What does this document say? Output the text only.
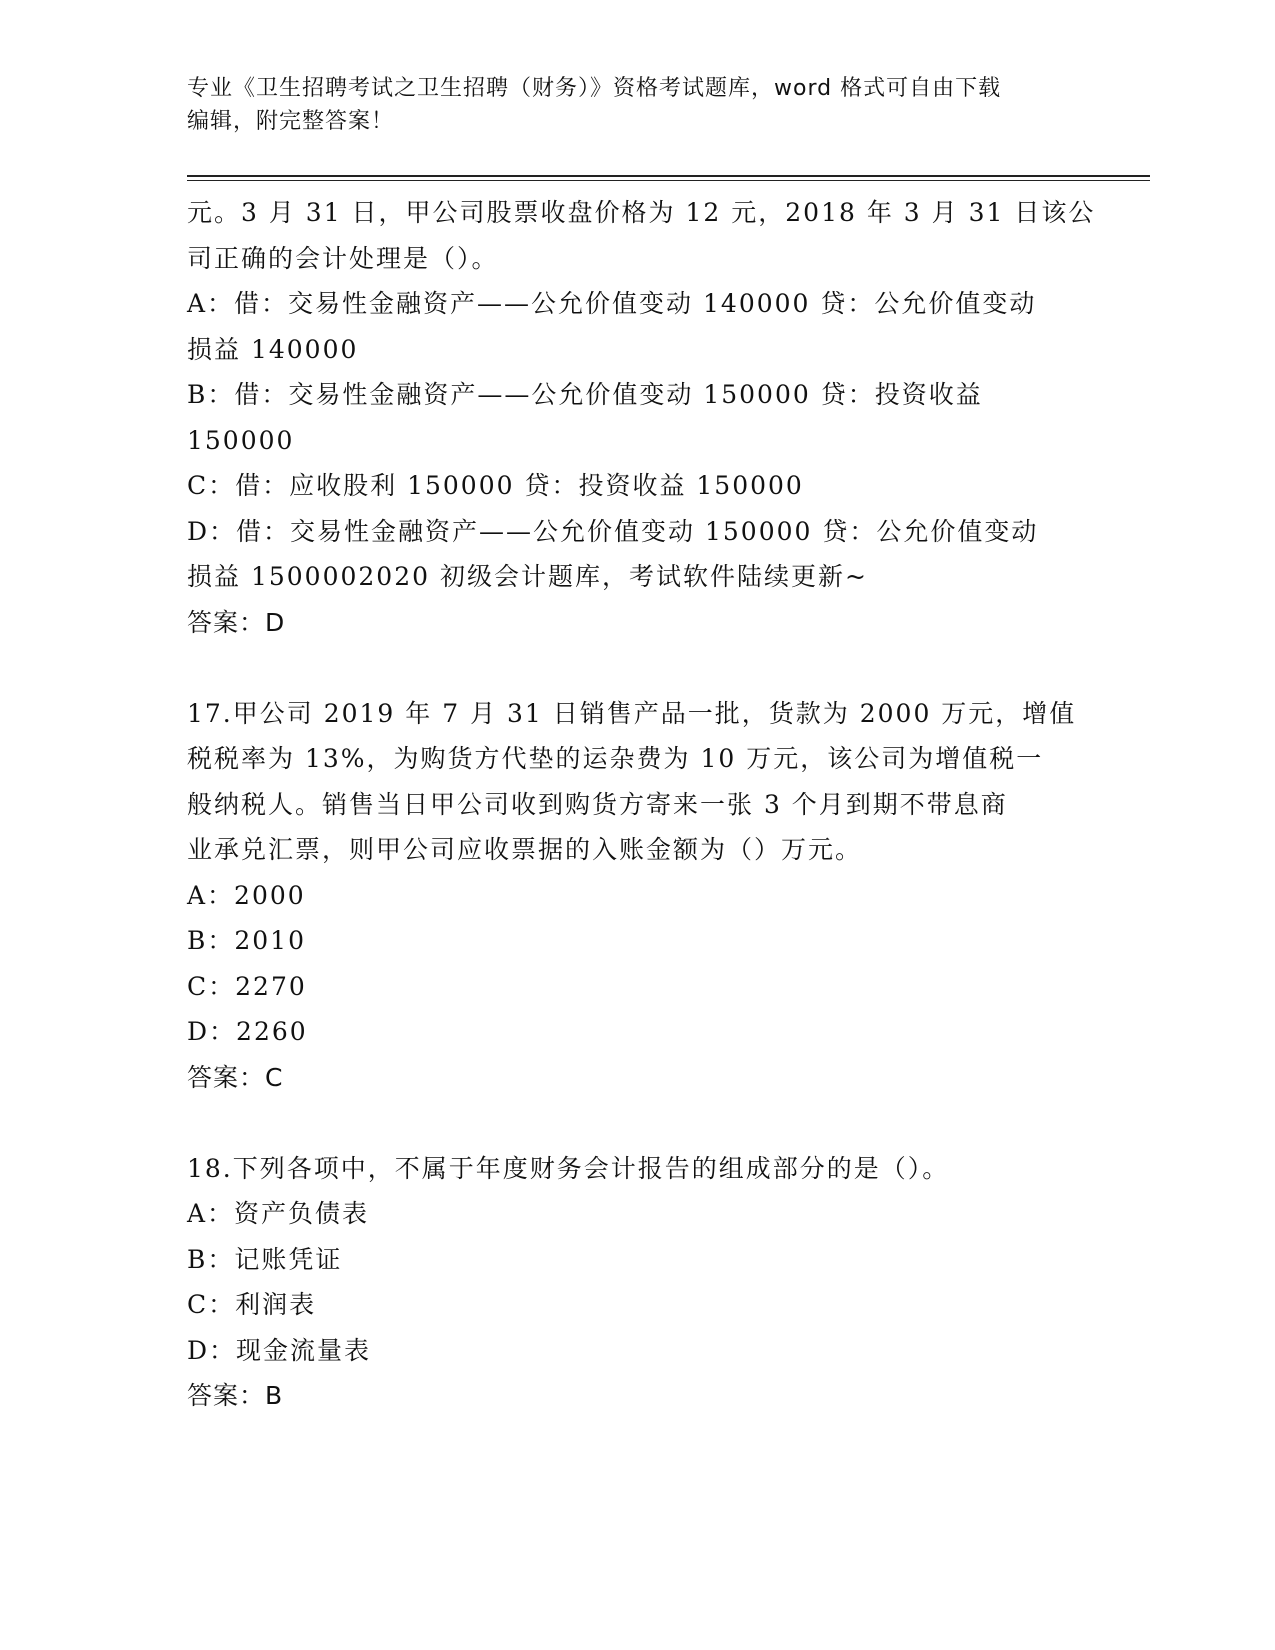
专业《卫生招聘考试之卫生招聘（财务）》资格考试题库，word 格式可自由下载
编辑，附完整答案！
元。3 月 31 日，甲公司股票收盘价格为 12 元，2018 年 3 月 31 日该公
司正确的会计处理是（）。
A：借：交易性金融资产——公允价值变动 140000 贷：公允价值变动
损益 140000
B：借：交易性金融资产——公允价值变动 150000 贷：投资收益
150000
C：借：应收股利 150000 贷：投资收益 150000
D：借：交易性金融资产——公允价值变动 150000 贷：公允价值变动
损益 1500002020 初级会计题库，考试软件陆续更新~
答案：D
17.甲公司 2019 年 7 月 31 日销售产品一批，货款为 2000 万元，增值
税税率为 13%，为购货方代垫的运杂费为 10 万元，该公司为增值税一
般纳税人。销售当日甲公司收到购货方寄来一张 3 个月到期不带息商
业承兑汇票，则甲公司应收票据的入账金额为（）万元。
A：2000
B：2010
C：2270
D：2260
答案：C
18.下列各项中，不属于年度财务会计报告的组成部分的是（）。
A：资产负债表
B：记账凭证
C：利润表
D：现金流量表
答案：B
